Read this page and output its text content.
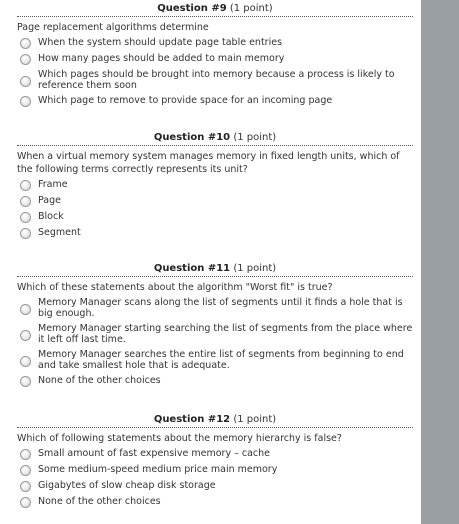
Question #9 (1 point)
Page replacement algorithms determine
When the system should update page table entries
How many pages should be added to main memory
Which pages should be brought into memory because a process is likely to reference them soon
Which page to remove to provide space for an incoming page
Question #10 (1 point)
When a virtual memory system manages memory in fixed length units, which of the following terms correctly represents its unit?
Frame
Page
Block
Segment
Question #11 (1 point)
Which of these statements about the algorithm "Worst fit" is true?
Memory Manager scans along the list of segments until it finds a hole that is big enough.
Memory Manager starting searching the list of segments from the place where it left off last time.
Memory Manager searches the entire list of segments from beginning to end and take smallest hole that is adequate.
None of the other choices
Question #12 (1 point)
Which of following statements about the memory hierarchy is false?
Small amount of fast expensive memory – cache
Some medium-speed medium price main memory
Gigabytes of slow cheap disk storage
None of the other choices
